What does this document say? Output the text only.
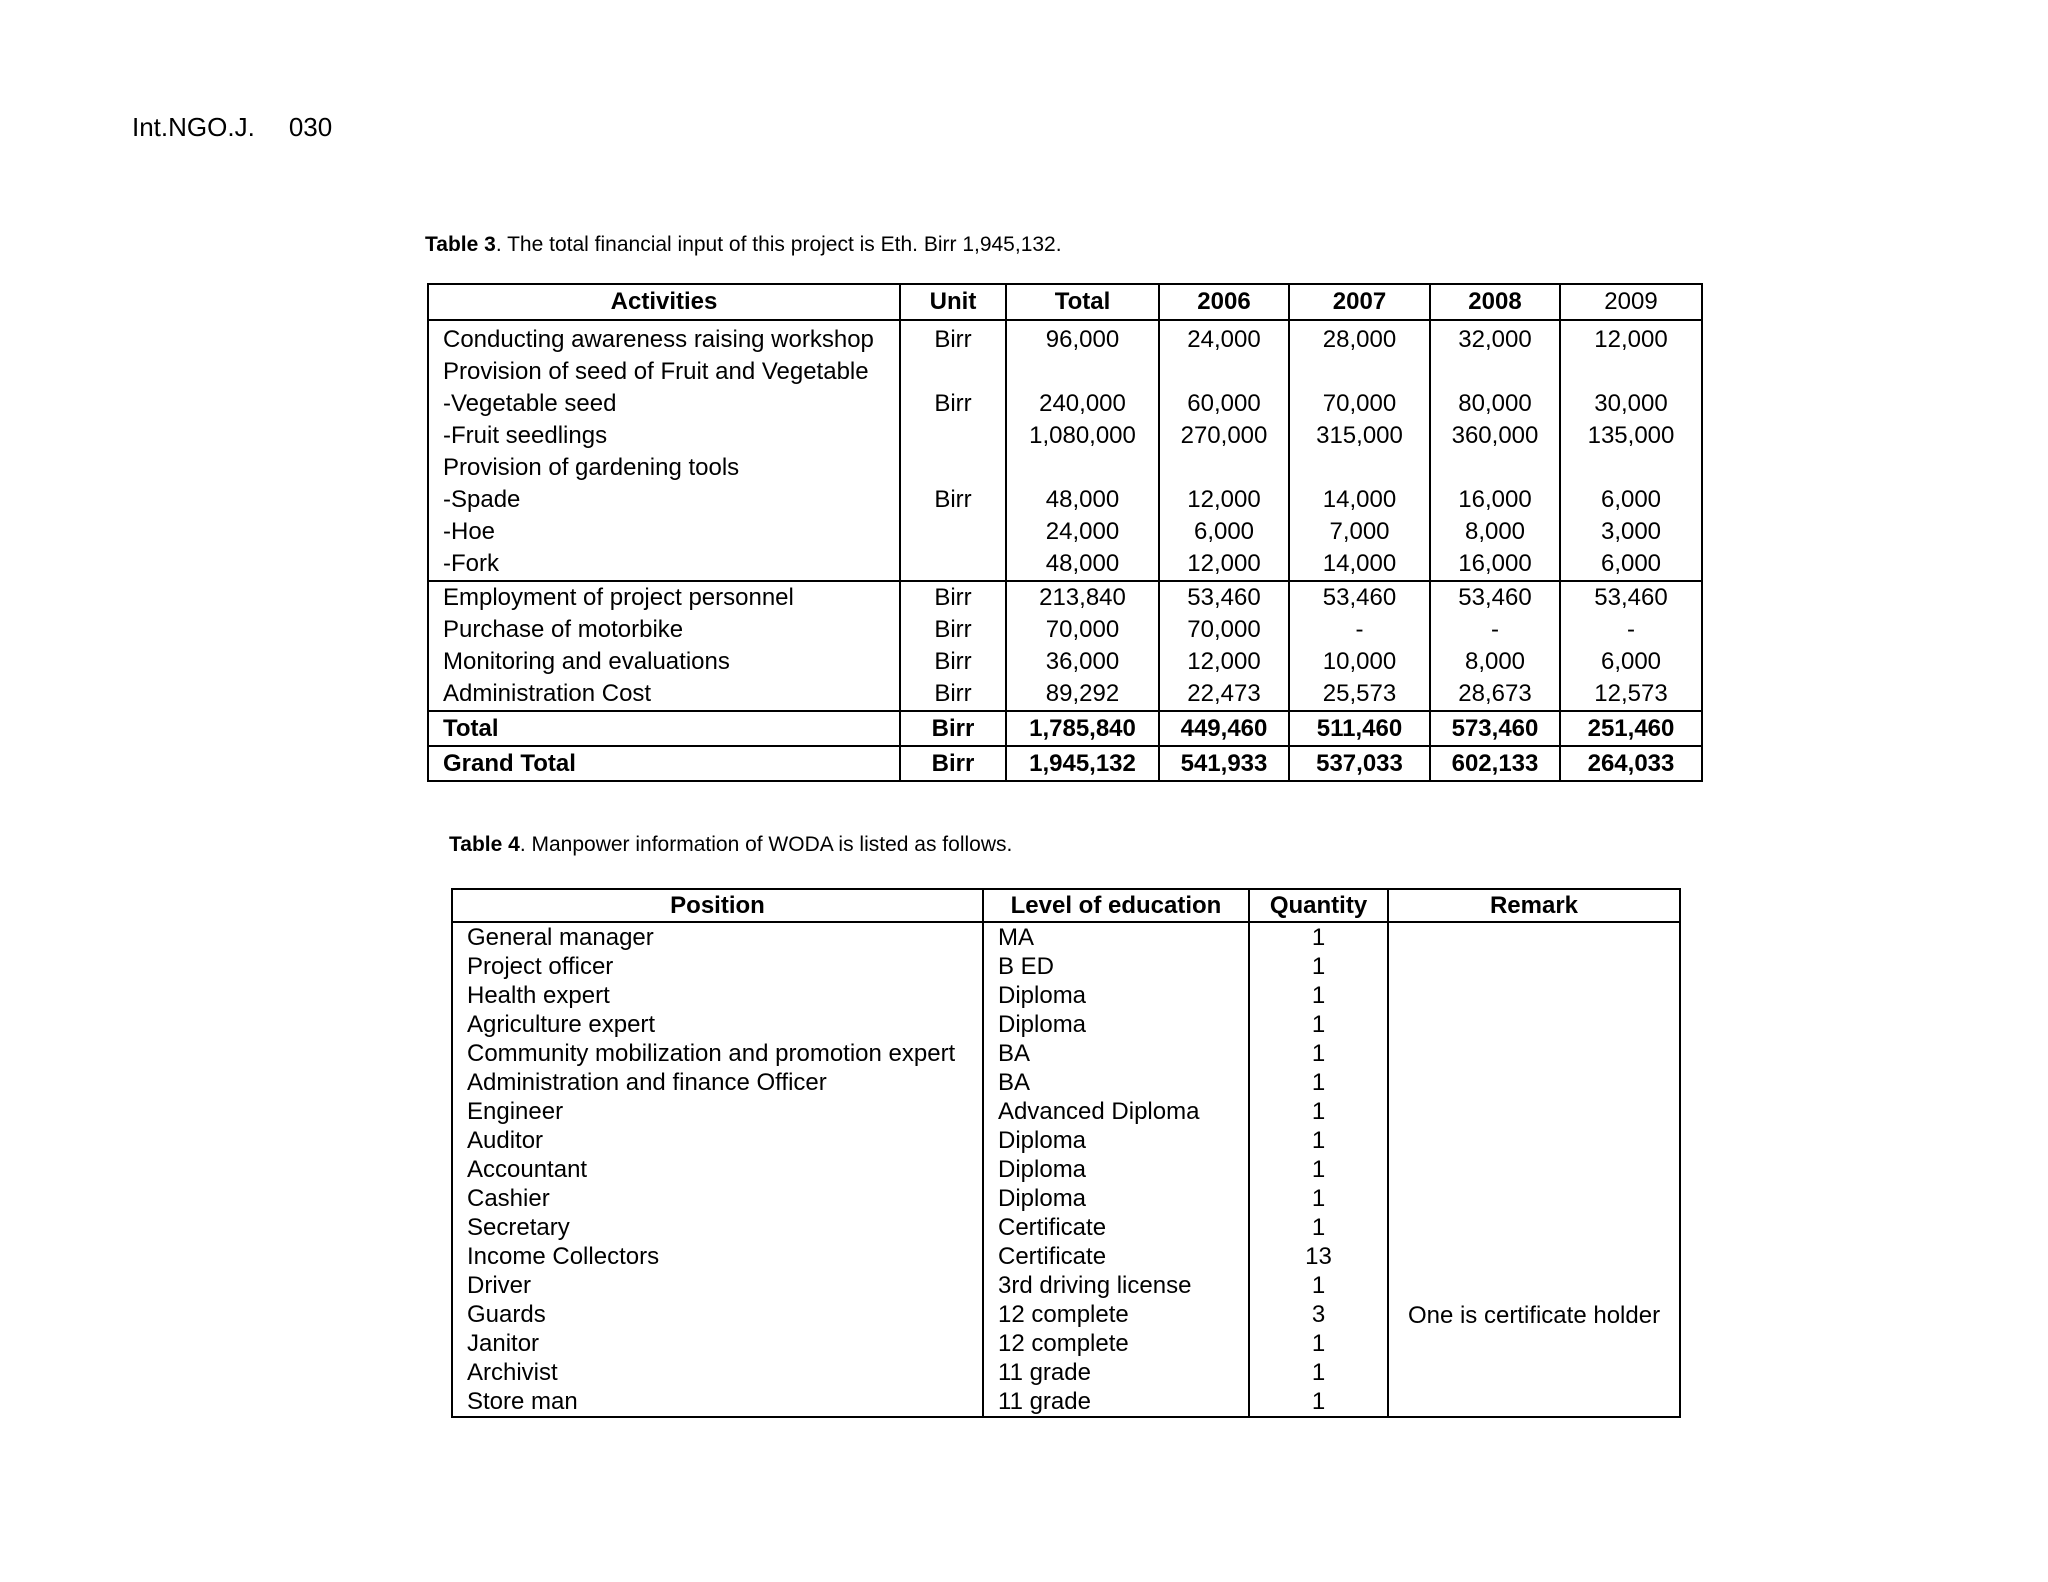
Int.NGO.J. 030
Table 3. The total financial input of this project is Eth. Birr 1,945,132.
Activities	Unit	Total	2006	2007	2008	2009
Conducting awareness raising workshop	Birr	96,000	24,000	28,000	32,000	12,000
Provision of seed of Fruit and Vegetable						
-Vegetable seed	Birr	240,000	60,000	70,000	80,000	30,000
-Fruit seedlings		1,080,000	270,000	315,000	360,000	135,000
Provision of gardening tools						
-Spade	Birr	48,000	12,000	14,000	16,000	6,000
-Hoe		24,000	6,000	7,000	8,000	3,000
-Fork		48,000	12,000	14,000	16,000	6,000
Employment of project personnel	Birr	213,840	53,460	53,460	53,460	53,460
Purchase of motorbike	Birr	70,000	70,000	-	-	-
Monitoring and evaluations	Birr	36,000	12,000	10,000	8,000	6,000
Administration Cost	Birr	89,292	22,473	25,573	28,673	12,573
Total	Birr	1,785,840	449,460	511,460	573,460	251,460
Grand Total	Birr	1,945,132	541,933	537,033	602,133	264,033
Table 4. Manpower information of WODA is listed as follows.
Position	Level of education	Quantity	Remark
General manager	MA	1	One is certificate holder

Project officer	B ED	1	
Health expert	Diploma	1	
Agriculture expert	Diploma	1	
Community mobilization and promotion expert	BA	1	
Administration and finance Officer	BA	1	
Engineer	Advanced Diploma	1	
Auditor	Diploma	1	
Accountant	Diploma	1	
Cashier	Diploma	1	
Secretary	Certificate	1	
Income Collectors	Certificate	13	
Driver	3rd driving license	1	
Guards	12 complete	3	
Janitor	12 complete	1	
Archivist	11 grade	1	
Store man	11 grade	1	
